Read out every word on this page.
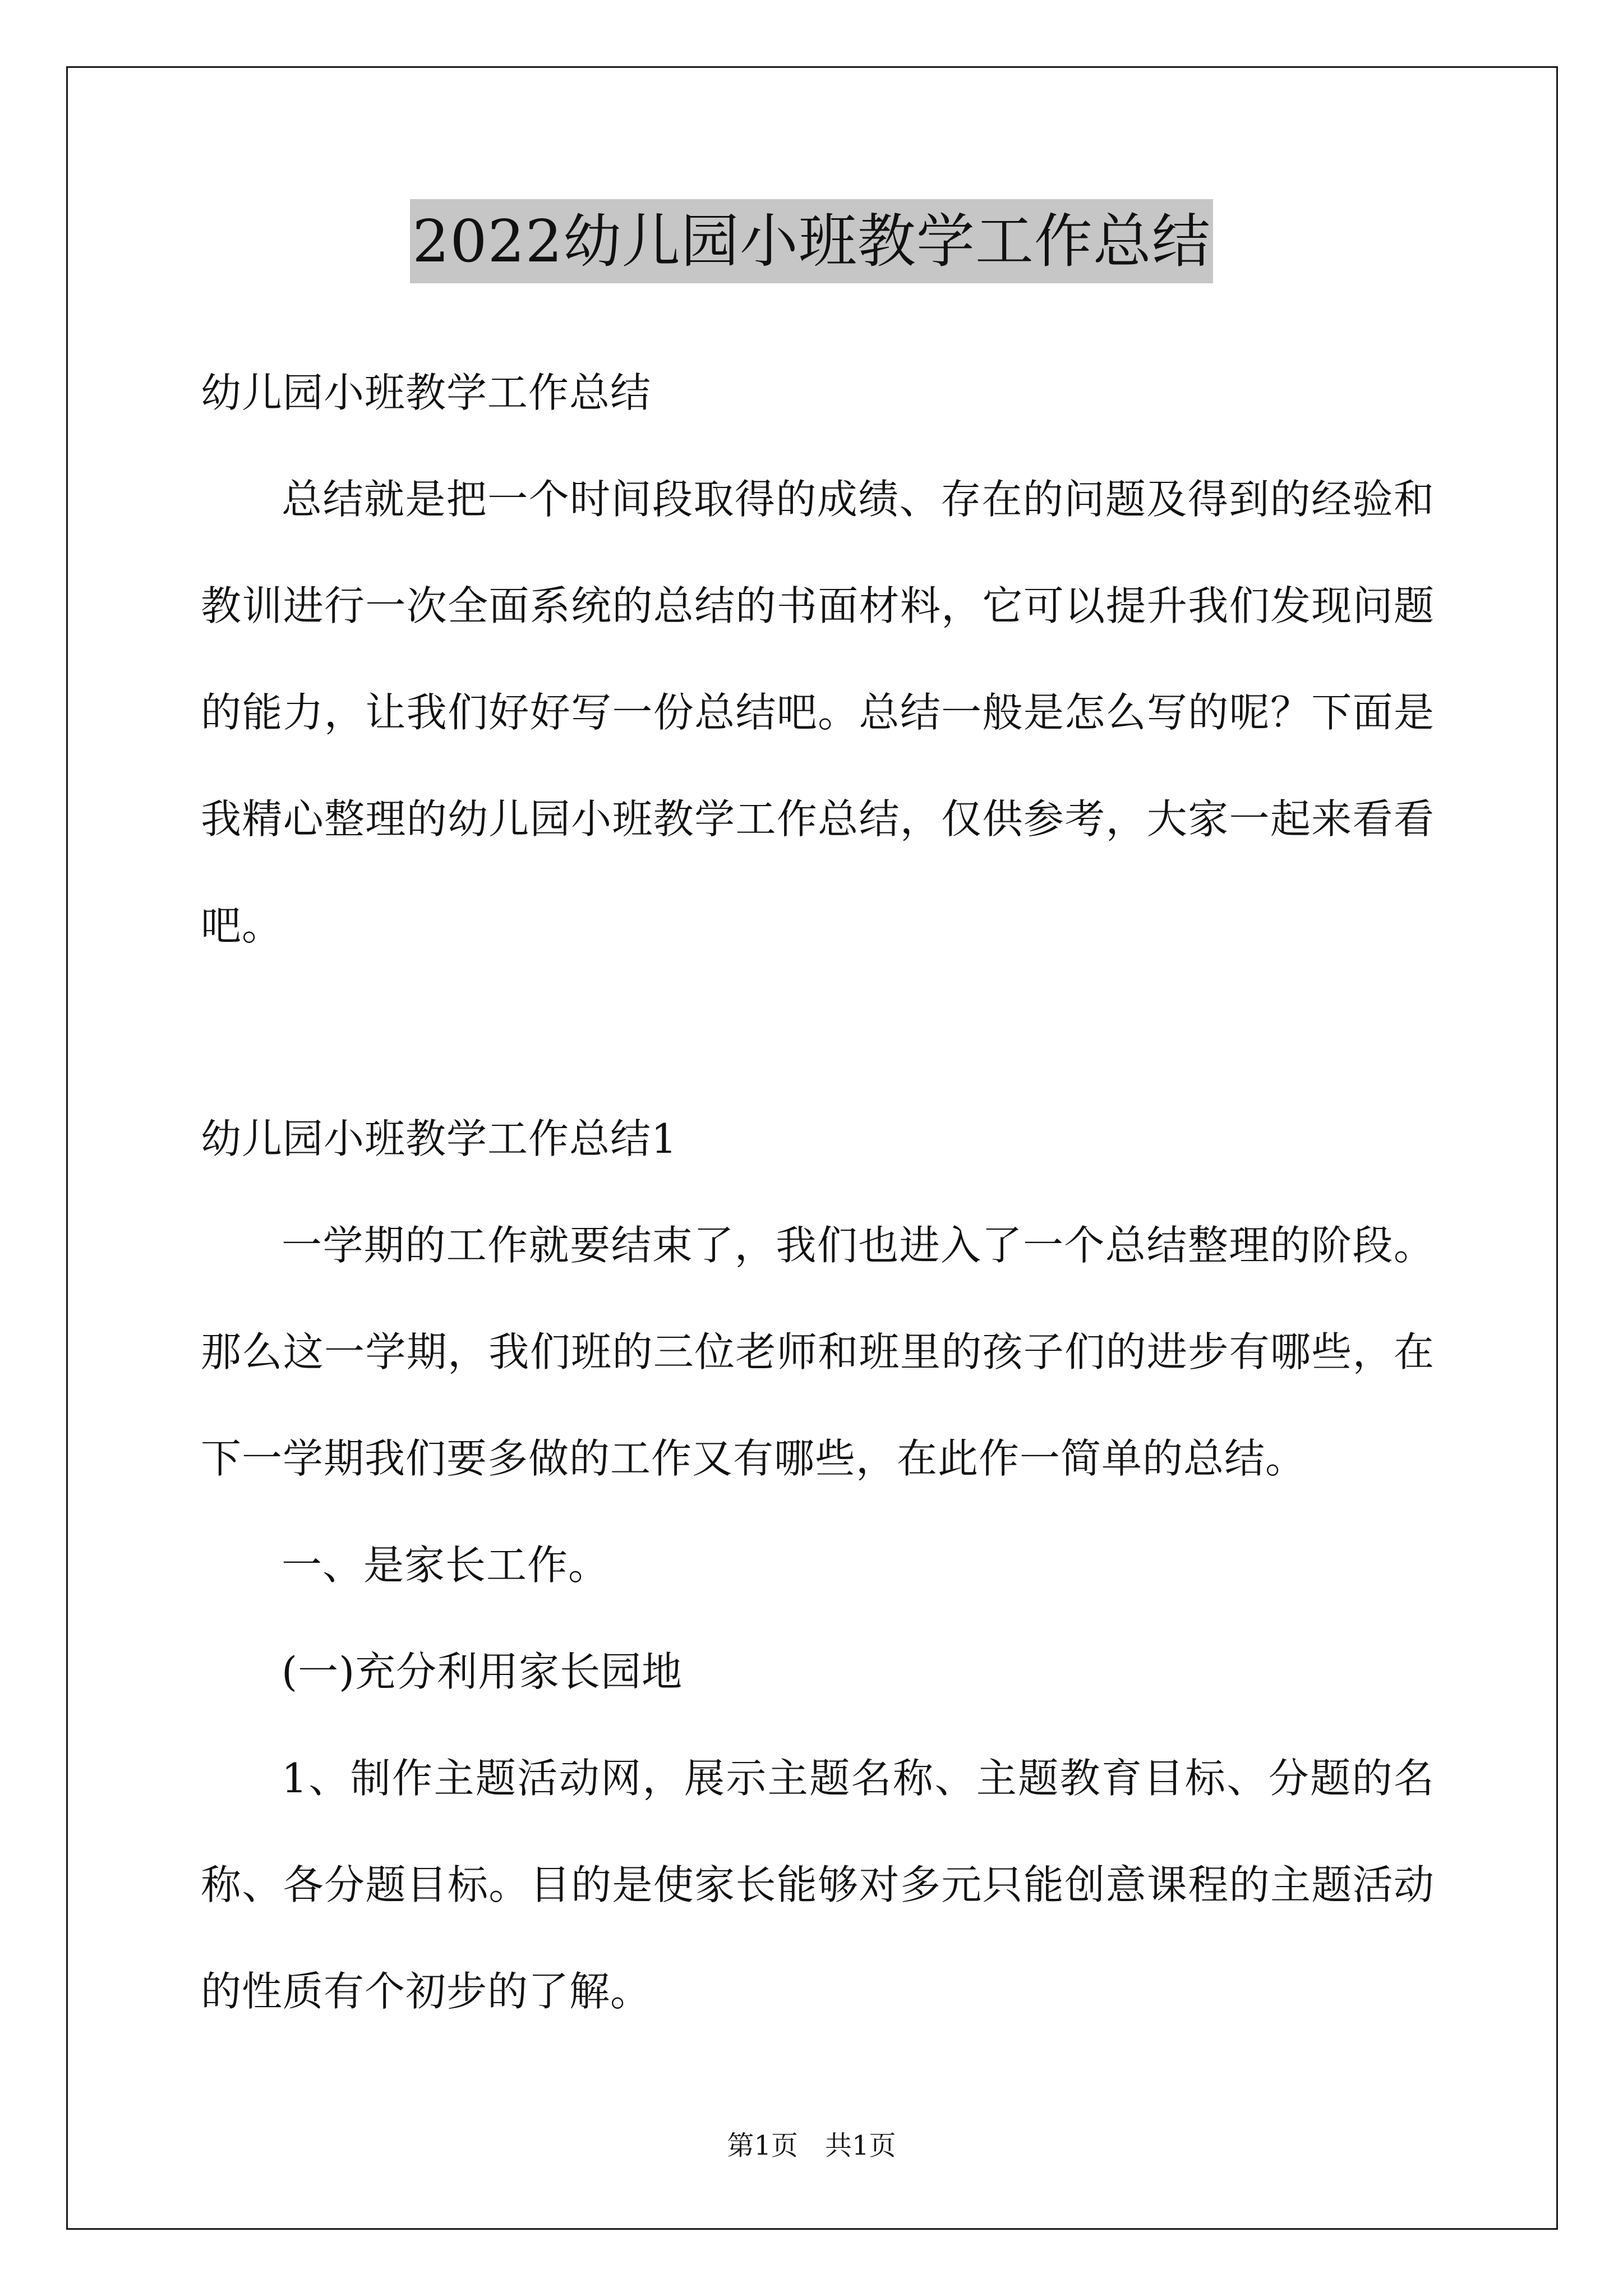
2022幼儿园小班教学工作总结

幼儿园小班教学工作总结

总结就是把一个时间段取得的成绩、存在的问题及得到的经验和教训进行一次全面系统的总结的书面材料，它可以提升我们发现问题的能力，让我们好好写一份总结吧。总结一般是怎么写的呢？下面是我精心整理的幼儿园小班教学工作总结，仅供参考，大家一起来看看吧。

幼儿园小班教学工作总结1

一学期的工作就要结束了，我们也进入了一个总结整理的阶段。那么这一学期，我们班的三位老师和班里的孩子们的进步有哪些，在下一学期我们要多做的工作又有哪些，在此作一简单的总结。

一、是家长工作。

(一)充分利用家长园地

1、制作主题活动网，展示主题名称、主题教育目标、分题的名称、各分题目标。目的是使家长能够对多元只能创意课程的主题活动的性质有个初步的了解。

第1页 共1页
